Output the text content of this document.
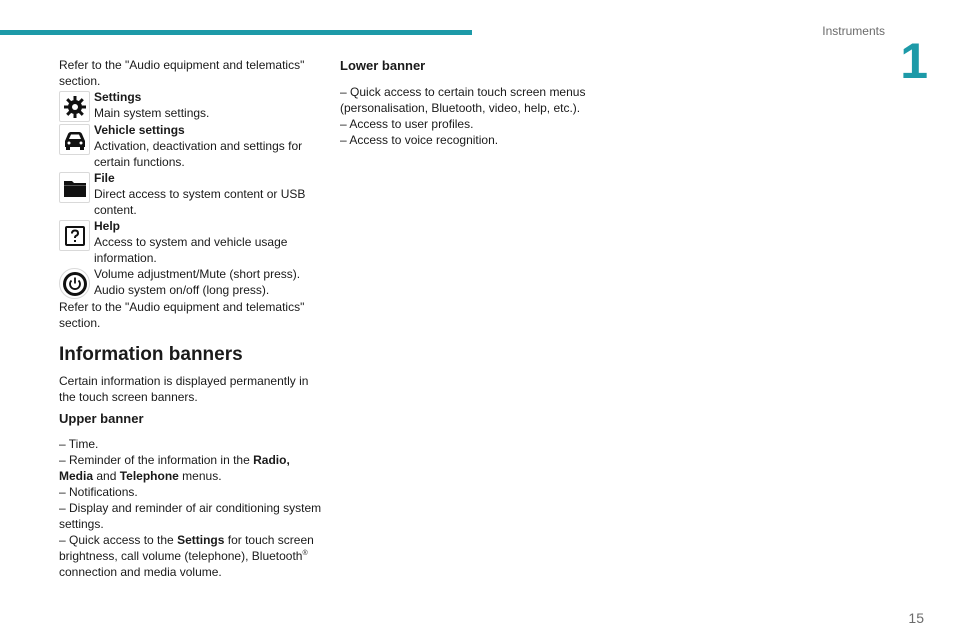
Instruments
1
15

Refer to the "Audio equipment and telematics" section.

Settings
Main system settings.
Vehicle settings
Activation, deactivation and settings for certain functions.
File
Direct access to system content or USB content.
Help
Access to system and vehicle usage information.
Volume adjustment/Mute (short press).
Audio system on/off (long press).

Refer to the "Audio equipment and telematics" section.

Information banners

Certain information is displayed permanently in the touch screen banners.

Upper banner

– Time.

– Reminder of the information in the Radio, Media and Telephone menus.

– Notifications.

– Display and reminder of air conditioning system settings.

– Quick access to the Settings for touch screen brightness, call volume (telephone), Bluetooth® connection and media volume.

Lower banner

– Quick access to certain touch screen menus (personalisation, Bluetooth, video, help, etc.).

– Access to user profiles.

– Access to voice recognition.
